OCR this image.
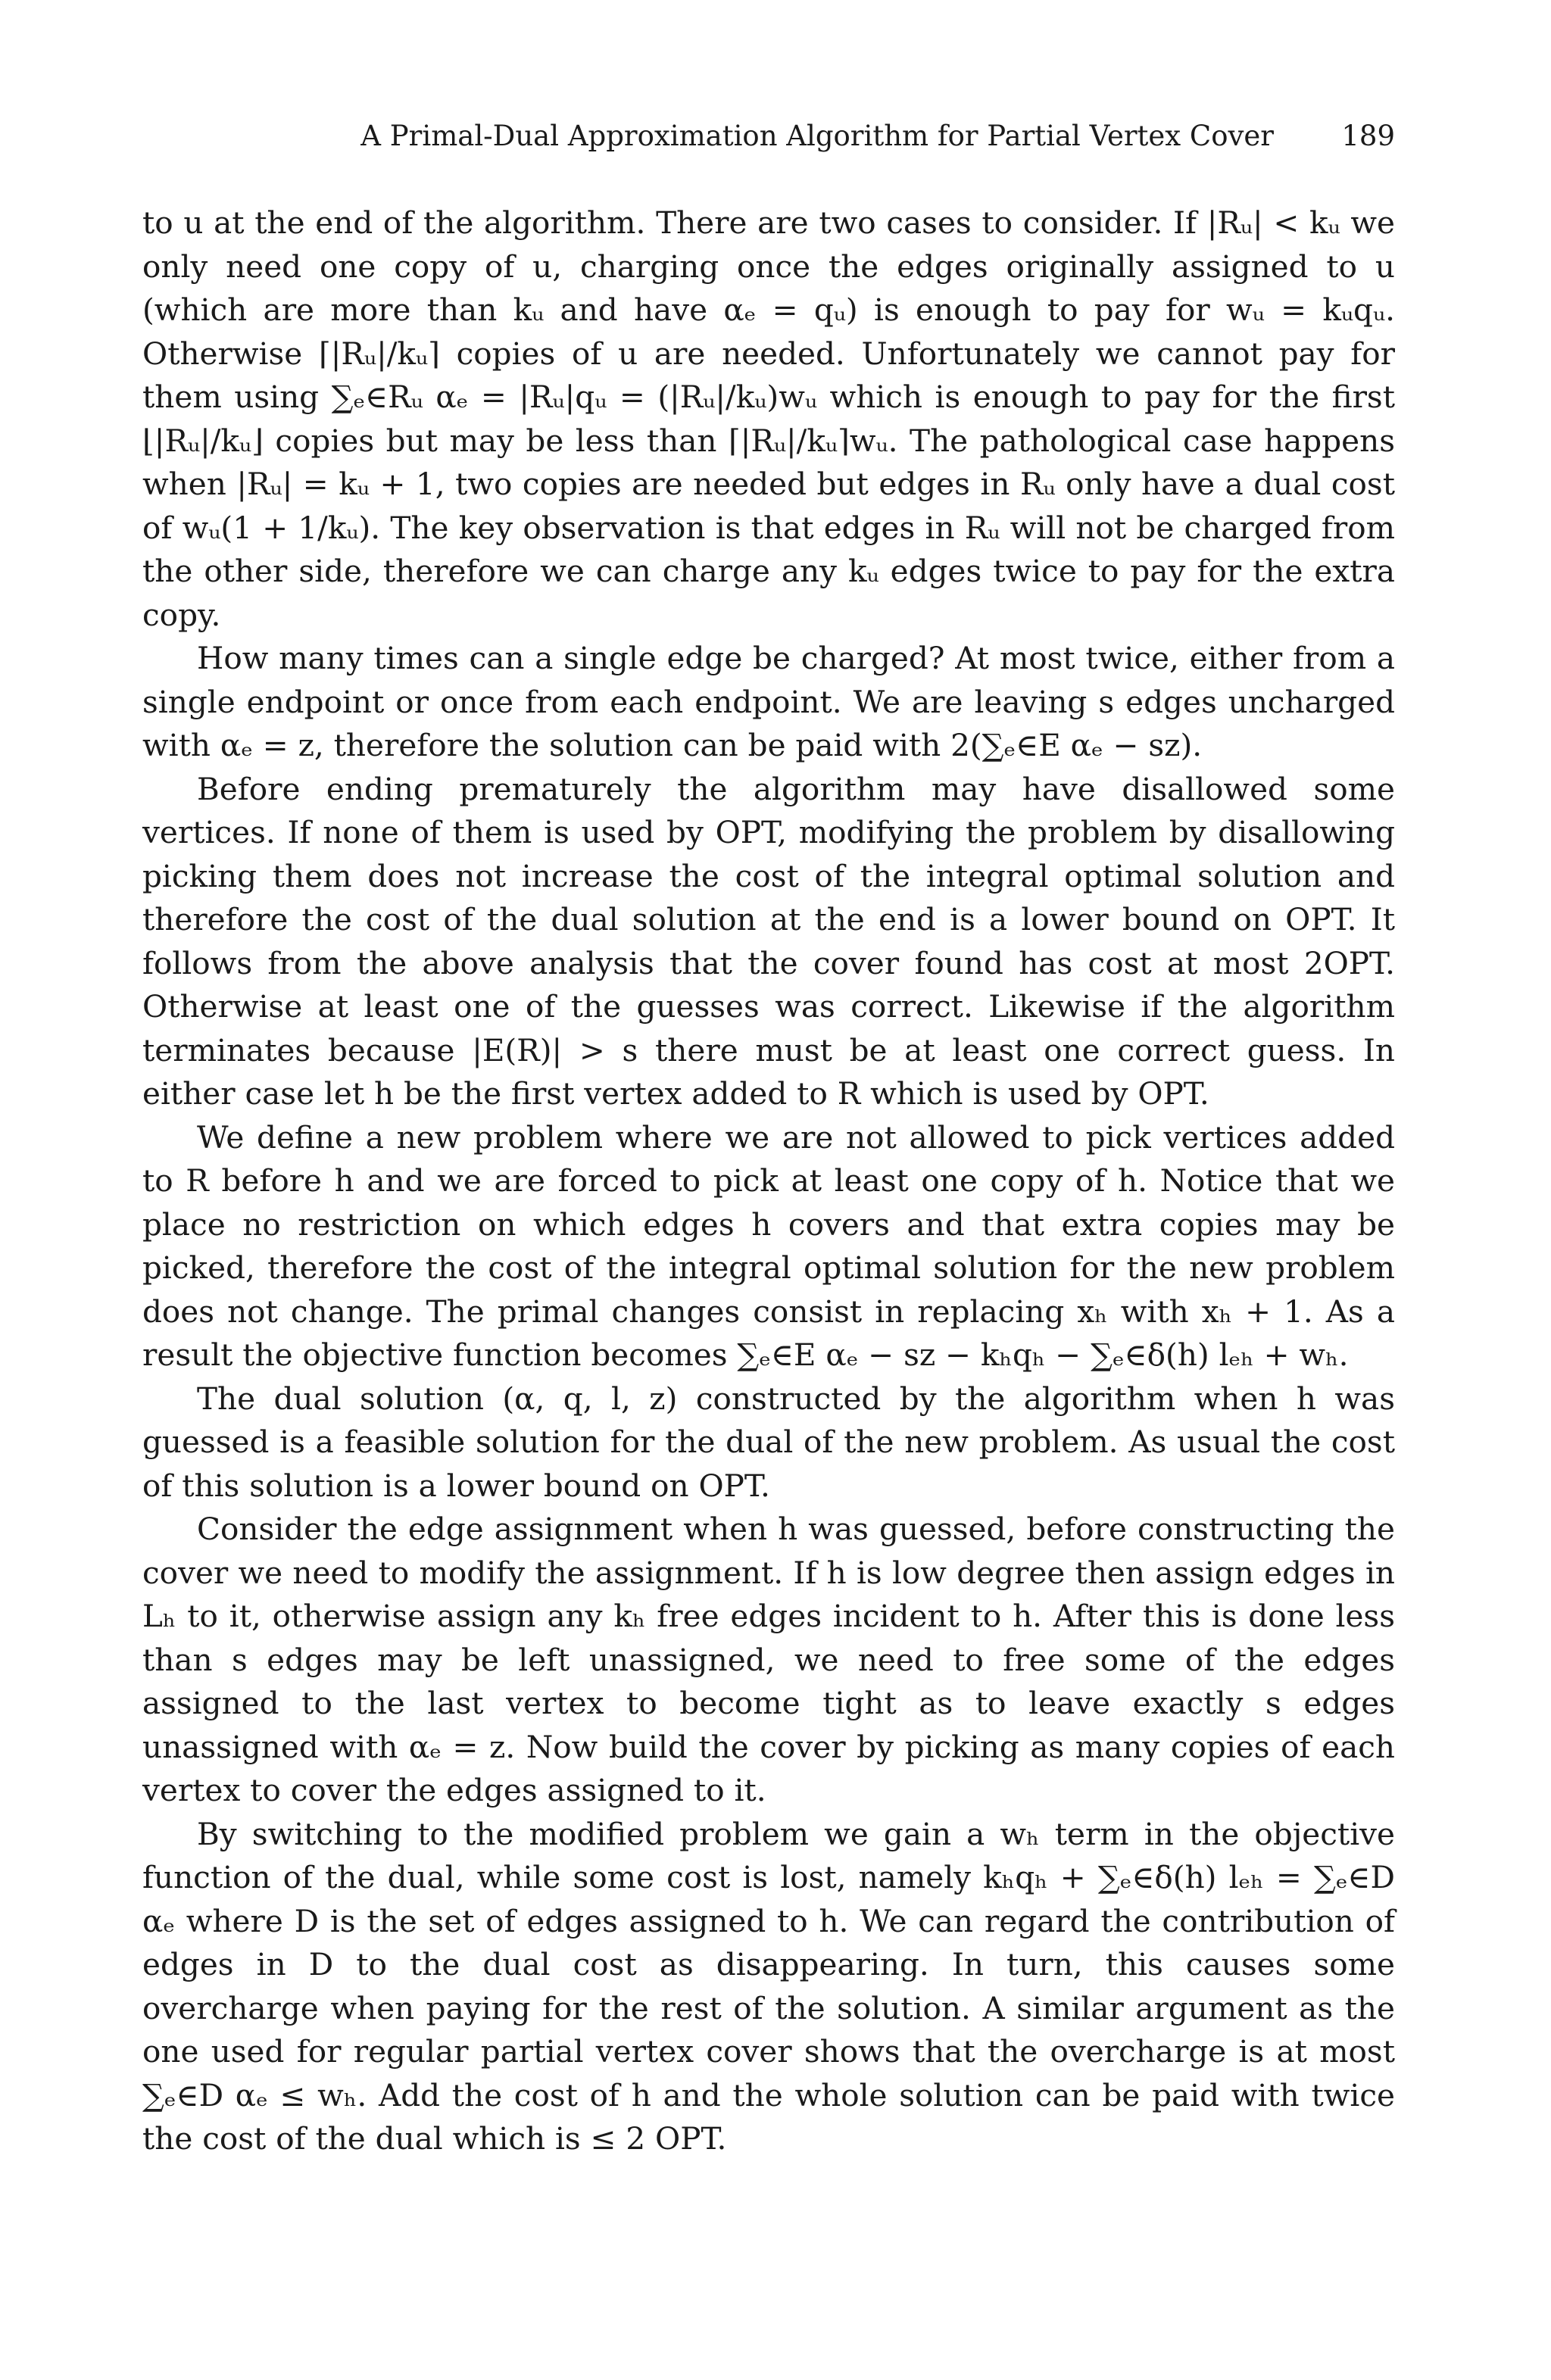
A Primal-Dual Approximation Algorithm for Partial Vertex Cover 189

to u at the end of the algorithm. There are two cases to consider. If |Rᵤ| < kᵤ we only need one copy of u, charging once the edges originally assigned to u (which are more than kᵤ and have αₑ = qᵤ) is enough to pay for wᵤ = kᵤqᵤ. Otherwise ⌈|Rᵤ|/kᵤ⌉ copies of u are needed. Unfortunately we cannot pay for them using ∑ₑ∈Rᵤ αₑ = |Rᵤ|qᵤ = (|Rᵤ|/kᵤ)wᵤ which is enough to pay for the first ⌊|Rᵤ|/kᵤ⌋ copies but may be less than ⌈|Rᵤ|/kᵤ⌉wᵤ. The pathological case happens when |Rᵤ| = kᵤ + 1, two copies are needed but edges in Rᵤ only have a dual cost of wᵤ(1 + 1/kᵤ). The key observation is that edges in Rᵤ will not be charged from the other side, therefore we can charge any kᵤ edges twice to pay for the extra copy.

How many times can a single edge be charged? At most twice, either from a single endpoint or once from each endpoint. We are leaving s edges uncharged with αₑ = z, therefore the solution can be paid with 2(∑ₑ∈E αₑ − sz).

Before ending prematurely the algorithm may have disallowed some vertices. If none of them is used by OPT, modifying the problem by disallowing picking them does not increase the cost of the integral optimal solution and therefore the cost of the dual solution at the end is a lower bound on OPT. It follows from the above analysis that the cover found has cost at most 2OPT. Otherwise at least one of the guesses was correct. Likewise if the algorithm terminates because |E(R)| > s there must be at least one correct guess. In either case let h be the first vertex added to R which is used by OPT.

We define a new problem where we are not allowed to pick vertices added to R before h and we are forced to pick at least one copy of h. Notice that we place no restriction on which edges h covers and that extra copies may be picked, therefore the cost of the integral optimal solution for the new problem does not change. The primal changes consist in replacing xₕ with xₕ + 1. As a result the objective function becomes ∑ₑ∈E αₑ − sz − kₕqₕ − ∑ₑ∈δ(h) lₑₕ + wₕ.

The dual solution (α, q, l, z) constructed by the algorithm when h was guessed is a feasible solution for the dual of the new problem. As usual the cost of this solution is a lower bound on OPT.

Consider the edge assignment when h was guessed, before constructing the cover we need to modify the assignment. If h is low degree then assign edges in Lₕ to it, otherwise assign any kₕ free edges incident to h. After this is done less than s edges may be left unassigned, we need to free some of the edges assigned to the last vertex to become tight as to leave exactly s edges unassigned with αₑ = z. Now build the cover by picking as many copies of each vertex to cover the edges assigned to it.

By switching to the modified problem we gain a wₕ term in the objective function of the dual, while some cost is lost, namely kₕqₕ + ∑ₑ∈δ(h) lₑₕ = ∑ₑ∈D αₑ where D is the set of edges assigned to h. We can regard the contribution of edges in D to the dual cost as disappearing. In turn, this causes some overcharge when paying for the rest of the solution. A similar argument as the one used for regular partial vertex cover shows that the overcharge is at most ∑ₑ∈D αₑ ≤ wₕ. Add the cost of h and the whole solution can be paid with twice the cost of the dual which is ≤ 2 OPT.
